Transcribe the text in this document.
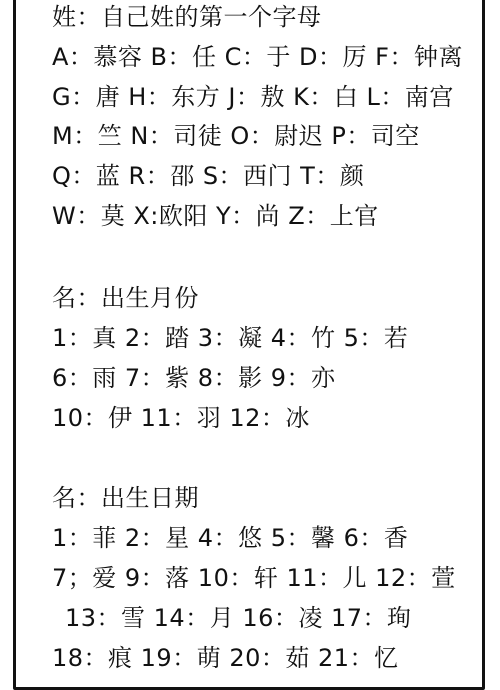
姓：自己姓的第一个字母
A：慕容 B：任 C：于 D：厉 F：钟离
G：唐 H：东方 J：敖 K：白 L：南宫
M：竺 N：司徒 O：尉迟 P：司空
Q：蓝 R：邵 S：西门 T：颜
W：莫 X:欧阳 Y：尚 Z：上官
名：出生月份
1：真 2：踏 3：凝 4：竹 5：若
6：雨 7：紫 8：影 9：亦
10：伊 11：羽 12：冰
名：出生日期
1：菲 2：星 4：悠 5：馨 6：香
7；爱 9：落 10：轩 11：儿 12：萱
13：雪 14：月 16：凌 17：珣
18：痕 19：萌 20：茹 21：忆
